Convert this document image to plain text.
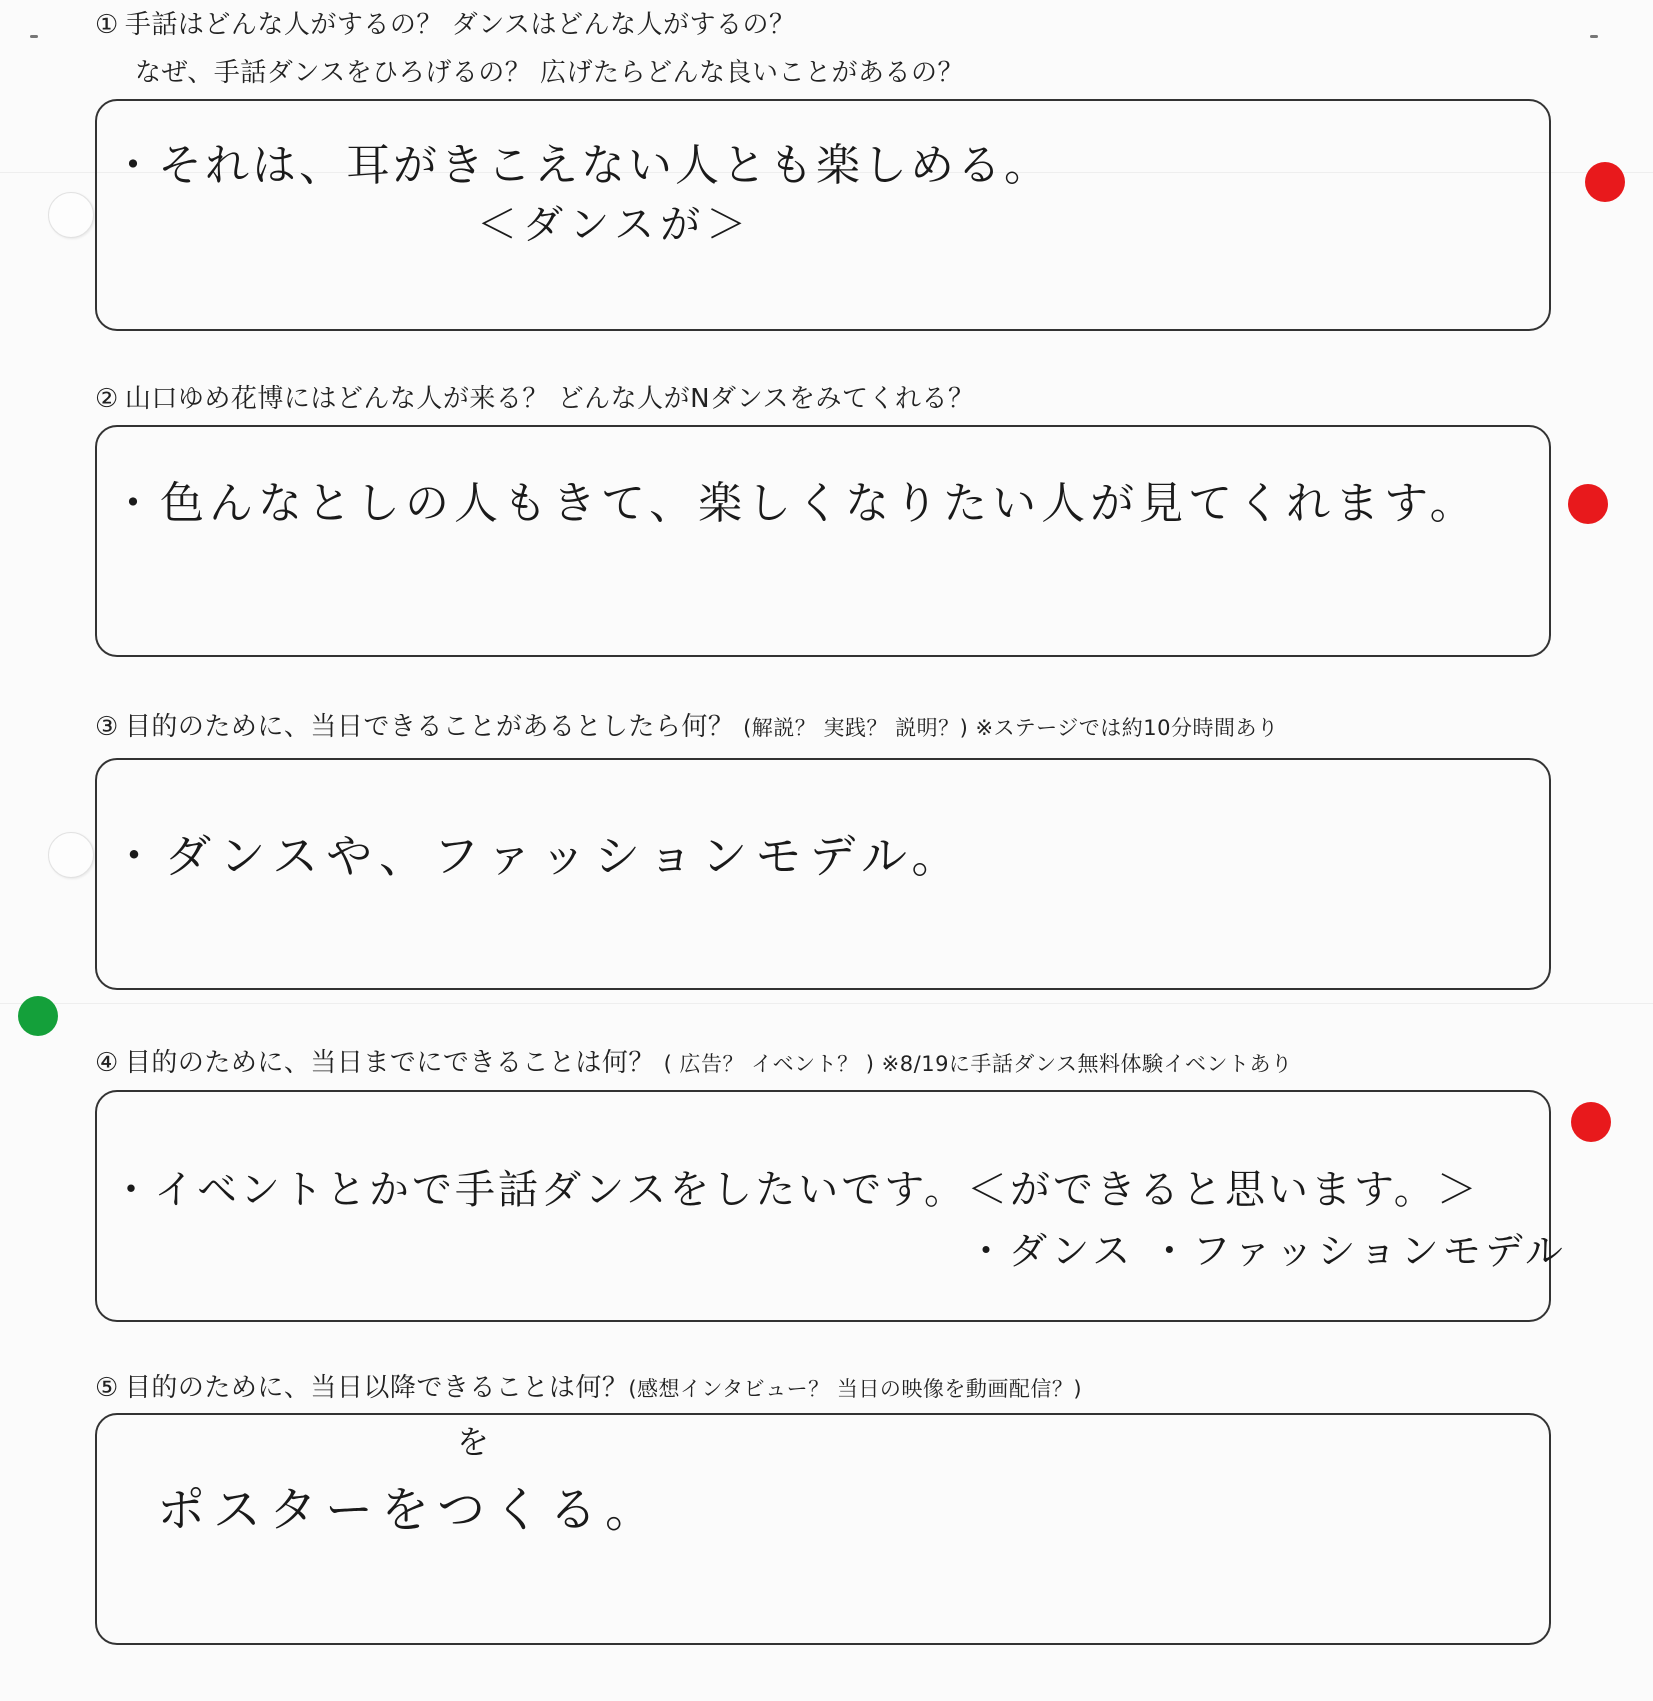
① 手話はどんな人がするの？ ダンスはどんな人がするの？
なぜ、手話ダンスをひろげるの？ 広げたらどんな良いことがあるの？
・それは、耳がきこえない人とも楽しめる。
＜ダンスが＞
② 山口ゆめ花博にはどんな人が来る？ どんな人がNダンスをみてくれる？
・色んなとしの人もきて、楽しくなりたい人が見てくれます。
③ 目的のために、当日できることがあるとしたら何？ (解説？ 実践？ 説明？) ※ステージでは約10分時間あり
・ダンスや、ファッションモデル。
④ 目的のために、当日までにできることは何？ ( 広告？ イベント？ ) ※8/19に手話ダンス無料体験イベントあり
・イベントとかで手話ダンスをしたいです。＜ができると思います。＞
・ダンス ・ファッションモデル
⑤ 目的のために、当日以降できることは何？(感想インタビュー？ 当日の映像を動画配信？)
を
ポスターをつくる。
